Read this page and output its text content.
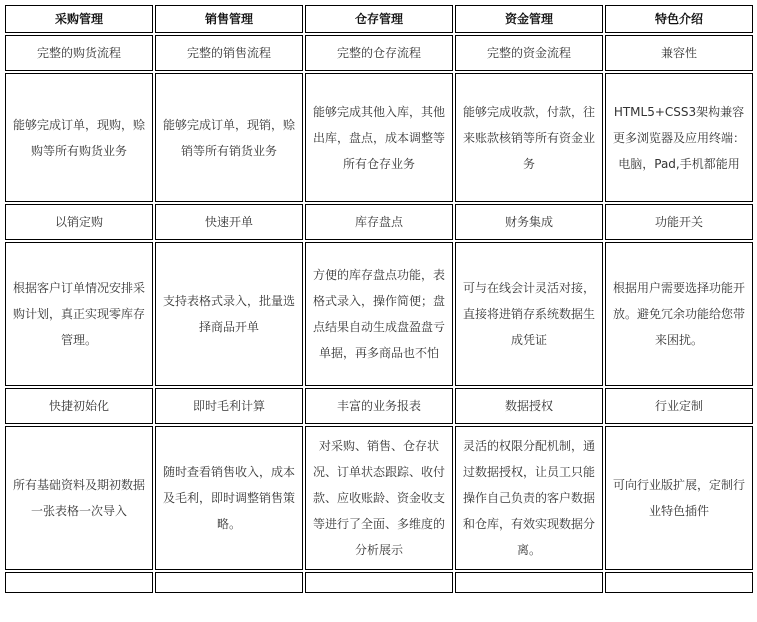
采购管理	销售管理	仓存管理	资金管理	特色介绍
完整的购货流程	完整的销售流程	完整的仓存流程	完整的资金流程	兼容性
能够完成订单，现购，赊购等所有购货业务	能够完成订单，现销，赊销等所有销货业务	能够完成其他入库，其他出库，盘点，成本调整等所有仓存业务	能够完成收款，付款，往来账款核销等所有资金业务	HTML5+CSS3架构兼容更多浏览器及应用终端：电脑，Pad,手机都能用
以销定购	快速开单	库存盘点	财务集成	功能开关
根据客户订单情况安排采购计划，真正实现零库存管理。	支持表格式录入，批量选择商品开单	方便的库存盘点功能，表格式录入，操作简便；盘点结果自动生成盘盈盘亏单据，再多商品也不怕	可与在线会计灵活对接，直接将进销存系统数据生成凭证	根据用户需要选择功能开放。避免冗余功能给您带来困扰。
快捷初始化	即时毛利计算	丰富的业务报表	数据授权	行业定制
所有基础资料及期初数据一张表格一次导入	随时查看销售收入，成本及毛利，即时调整销售策略。	对采购、销售、仓存状况、订单状态跟踪、收付款、应收账龄、资金收支等进行了全面、多维度的分析展示	灵活的权限分配机制，通过数据授权，让员工只能操作自己负责的客户数据和仓库，有效实现数据分离。	可向行业版扩展，定制行业特色插件
